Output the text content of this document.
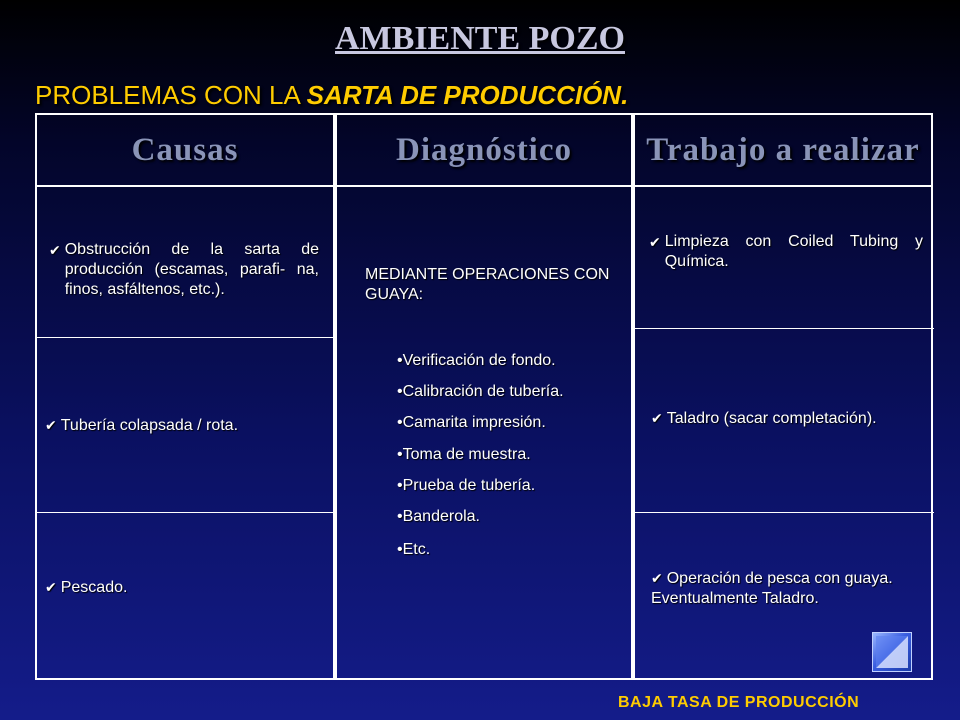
AMBIENTE POZO
PROBLEMAS CON LA SARTA DE PRODUCCIÓN.
Causas
✔ Obstrucción de la sarta de producción (escamas, parafi- na, finos, asfáltenos, etc.).
✔ Tubería colapsada / rota.
✔ Pescado.
Diagnóstico
MEDIANTE OPERACIONES CON GUAYA:
•Verificación de fondo.
•Calibración de tubería.
•Camarita impresión.
•Toma de muestra.
•Prueba de tubería.
•Banderola.
•Etc.
Trabajo a realizar
✔ Limpieza con Coiled Tubing y Química.
✔ Taladro (sacar completación).
✔ Operación de pesca con guaya. Eventualmente Taladro.
BAJA TASA DE PRODUCCIÓN
